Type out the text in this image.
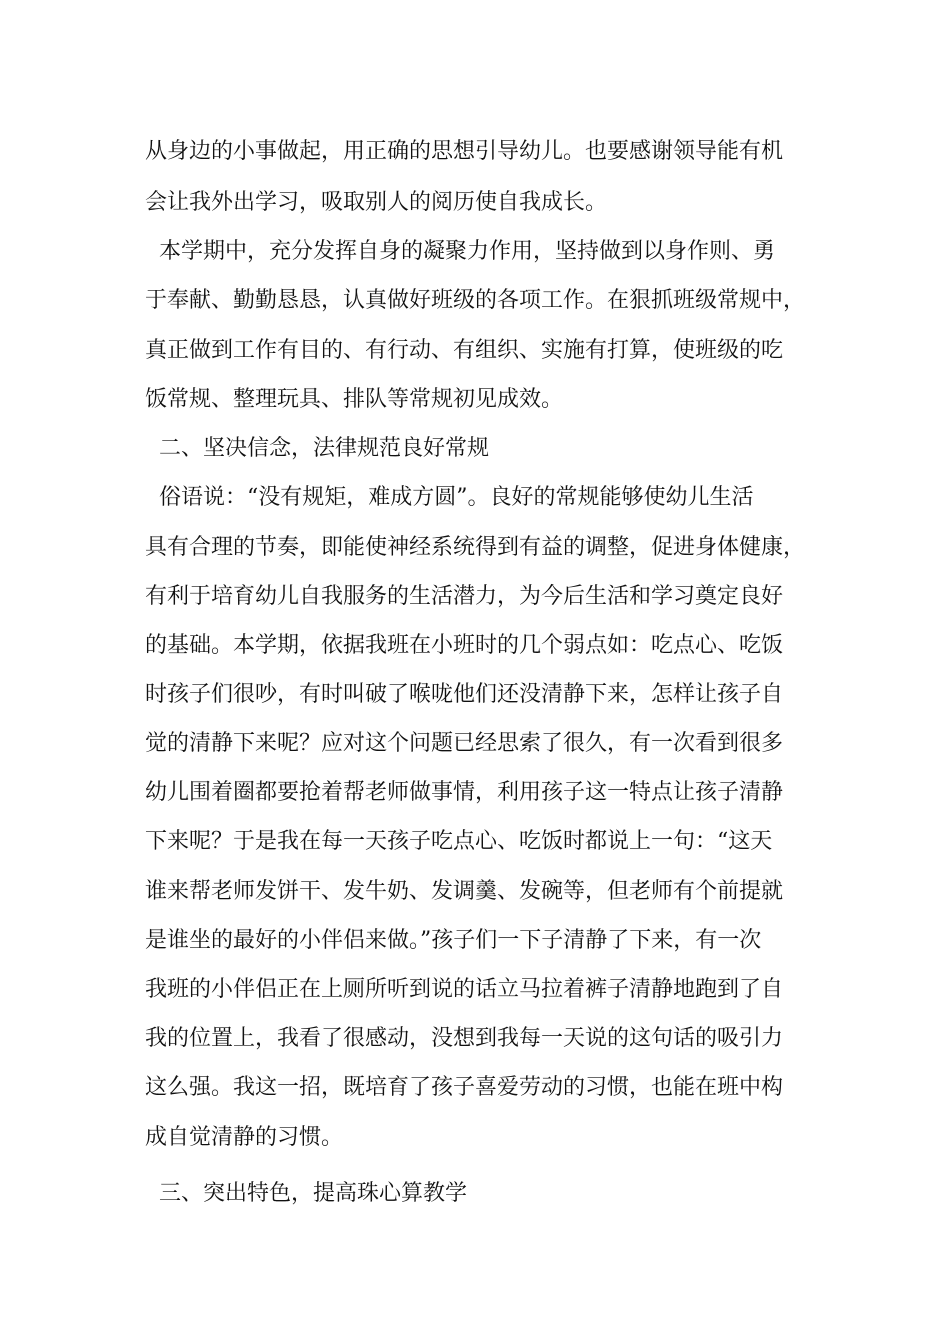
从身边的小事做起，用正确的思想引导幼儿。也要感谢领导能有机
会让我外出学习，吸取别人的阅历使自我成长。
本学期中，充分发挥自身的凝聚力作用，坚持做到以身作则、勇
于奉献、勤勤恳恳，认真做好班级的各项工作。在狠抓班级常规中，
真正做到工作有目的、有行动、有组织、实施有打算，使班级的吃
饭常规、整理玩具、排队等常规初见成效。
二、坚决信念，法律规范良好常规
俗语说：“没有规矩，难成方圆”。良好的常规能够使幼儿生活
具有合理的节奏，即能使神经系统得到有益的调整，促进身体健康，
有利于培育幼儿自我服务的生活潜力，为今后生活和学习奠定良好
的基础。本学期，依据我班在小班时的几个弱点如：吃点心、吃饭
时孩子们很吵，有时叫破了喉咙他们还没清静下来，怎样让孩子自
觉的清静下来呢？应对这个问题已经思索了很久，有一次看到很多
幼儿围着圈都要抢着帮老师做事情，利用孩子这一特点让孩子清静
下来呢？于是我在每一天孩子吃点心、吃饭时都说上一句：“这天
谁来帮老师发饼干、发牛奶、发调羹、发碗等，但老师有个前提就
是谁坐的最好的小伴侣来做。”孩子们一下子清静了下来，有一次
我班的小伴侣正在上厕所听到说的话立马拉着裤子清静地跑到了自
我的位置上，我看了很感动，没想到我每一天说的这句话的吸引力
这么强。我这一招，既培育了孩子喜爱劳动的习惯，也能在班中构
成自觉清静的习惯。
三、突出特色，提高珠心算教学
